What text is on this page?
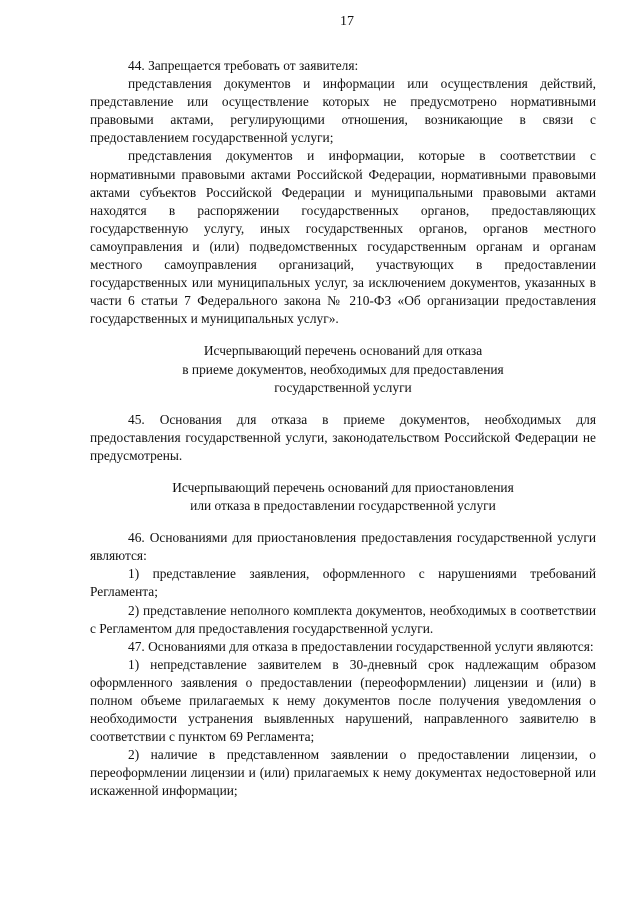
17

44. Запрещается требовать от заявителя:

представления документов и информации или осуществления действий, представление или осуществление которых не предусмотрено нормативными правовыми актами, регулирующими отношения, возникающие в связи с предоставлением государственной услуги;

представления документов и информации, которые в соответствии с нормативными правовыми актами Российской Федерации, нормативными правовыми актами субъектов Российской Федерации и муниципальными правовыми актами находятся в распоряжении государственных органов, предоставляющих государственную услугу, иных государственных органов, органов местного самоуправления и (или) подведомственных государственным органам и органам местного самоуправления организаций, участвующих в предоставлении государственных или муниципальных услуг, за исключением документов, указанных в части 6 статьи 7 Федерального закона № 210-ФЗ «Об организации предоставления государственных и муниципальных услуг».

Исчерпывающий перечень оснований для отказа
в приеме документов, необходимых для предоставления
государственной услуги

45. Основания для отказа в приеме документов, необходимых для предоставления государственной услуги, законодательством Российской Федерации не предусмотрены.

Исчерпывающий перечень оснований для приостановления
или отказа в предоставлении государственной услуги

46. Основаниями для приостановления предоставления государственной услуги являются:

1) представление заявления, оформленного с нарушениями требований Регламента;

2) представление неполного комплекта документов, необходимых в соответствии с Регламентом для предоставления государственной услуги.

47. Основаниями для отказа в предоставлении государственной услуги являются:

1) непредставление заявителем в 30-дневный срок надлежащим образом оформленного заявления о предоставлении (переоформлении) лицензии и (или) в полном объеме прилагаемых к нему документов после получения уведомления о необходимости устранения выявленных нарушений, направленного заявителю в соответствии с пунктом 69 Регламента;

2) наличие в представленном заявлении о предоставлении лицензии, о переоформлении лицензии и (или) прилагаемых к нему документах недостоверной или искаженной информации;
